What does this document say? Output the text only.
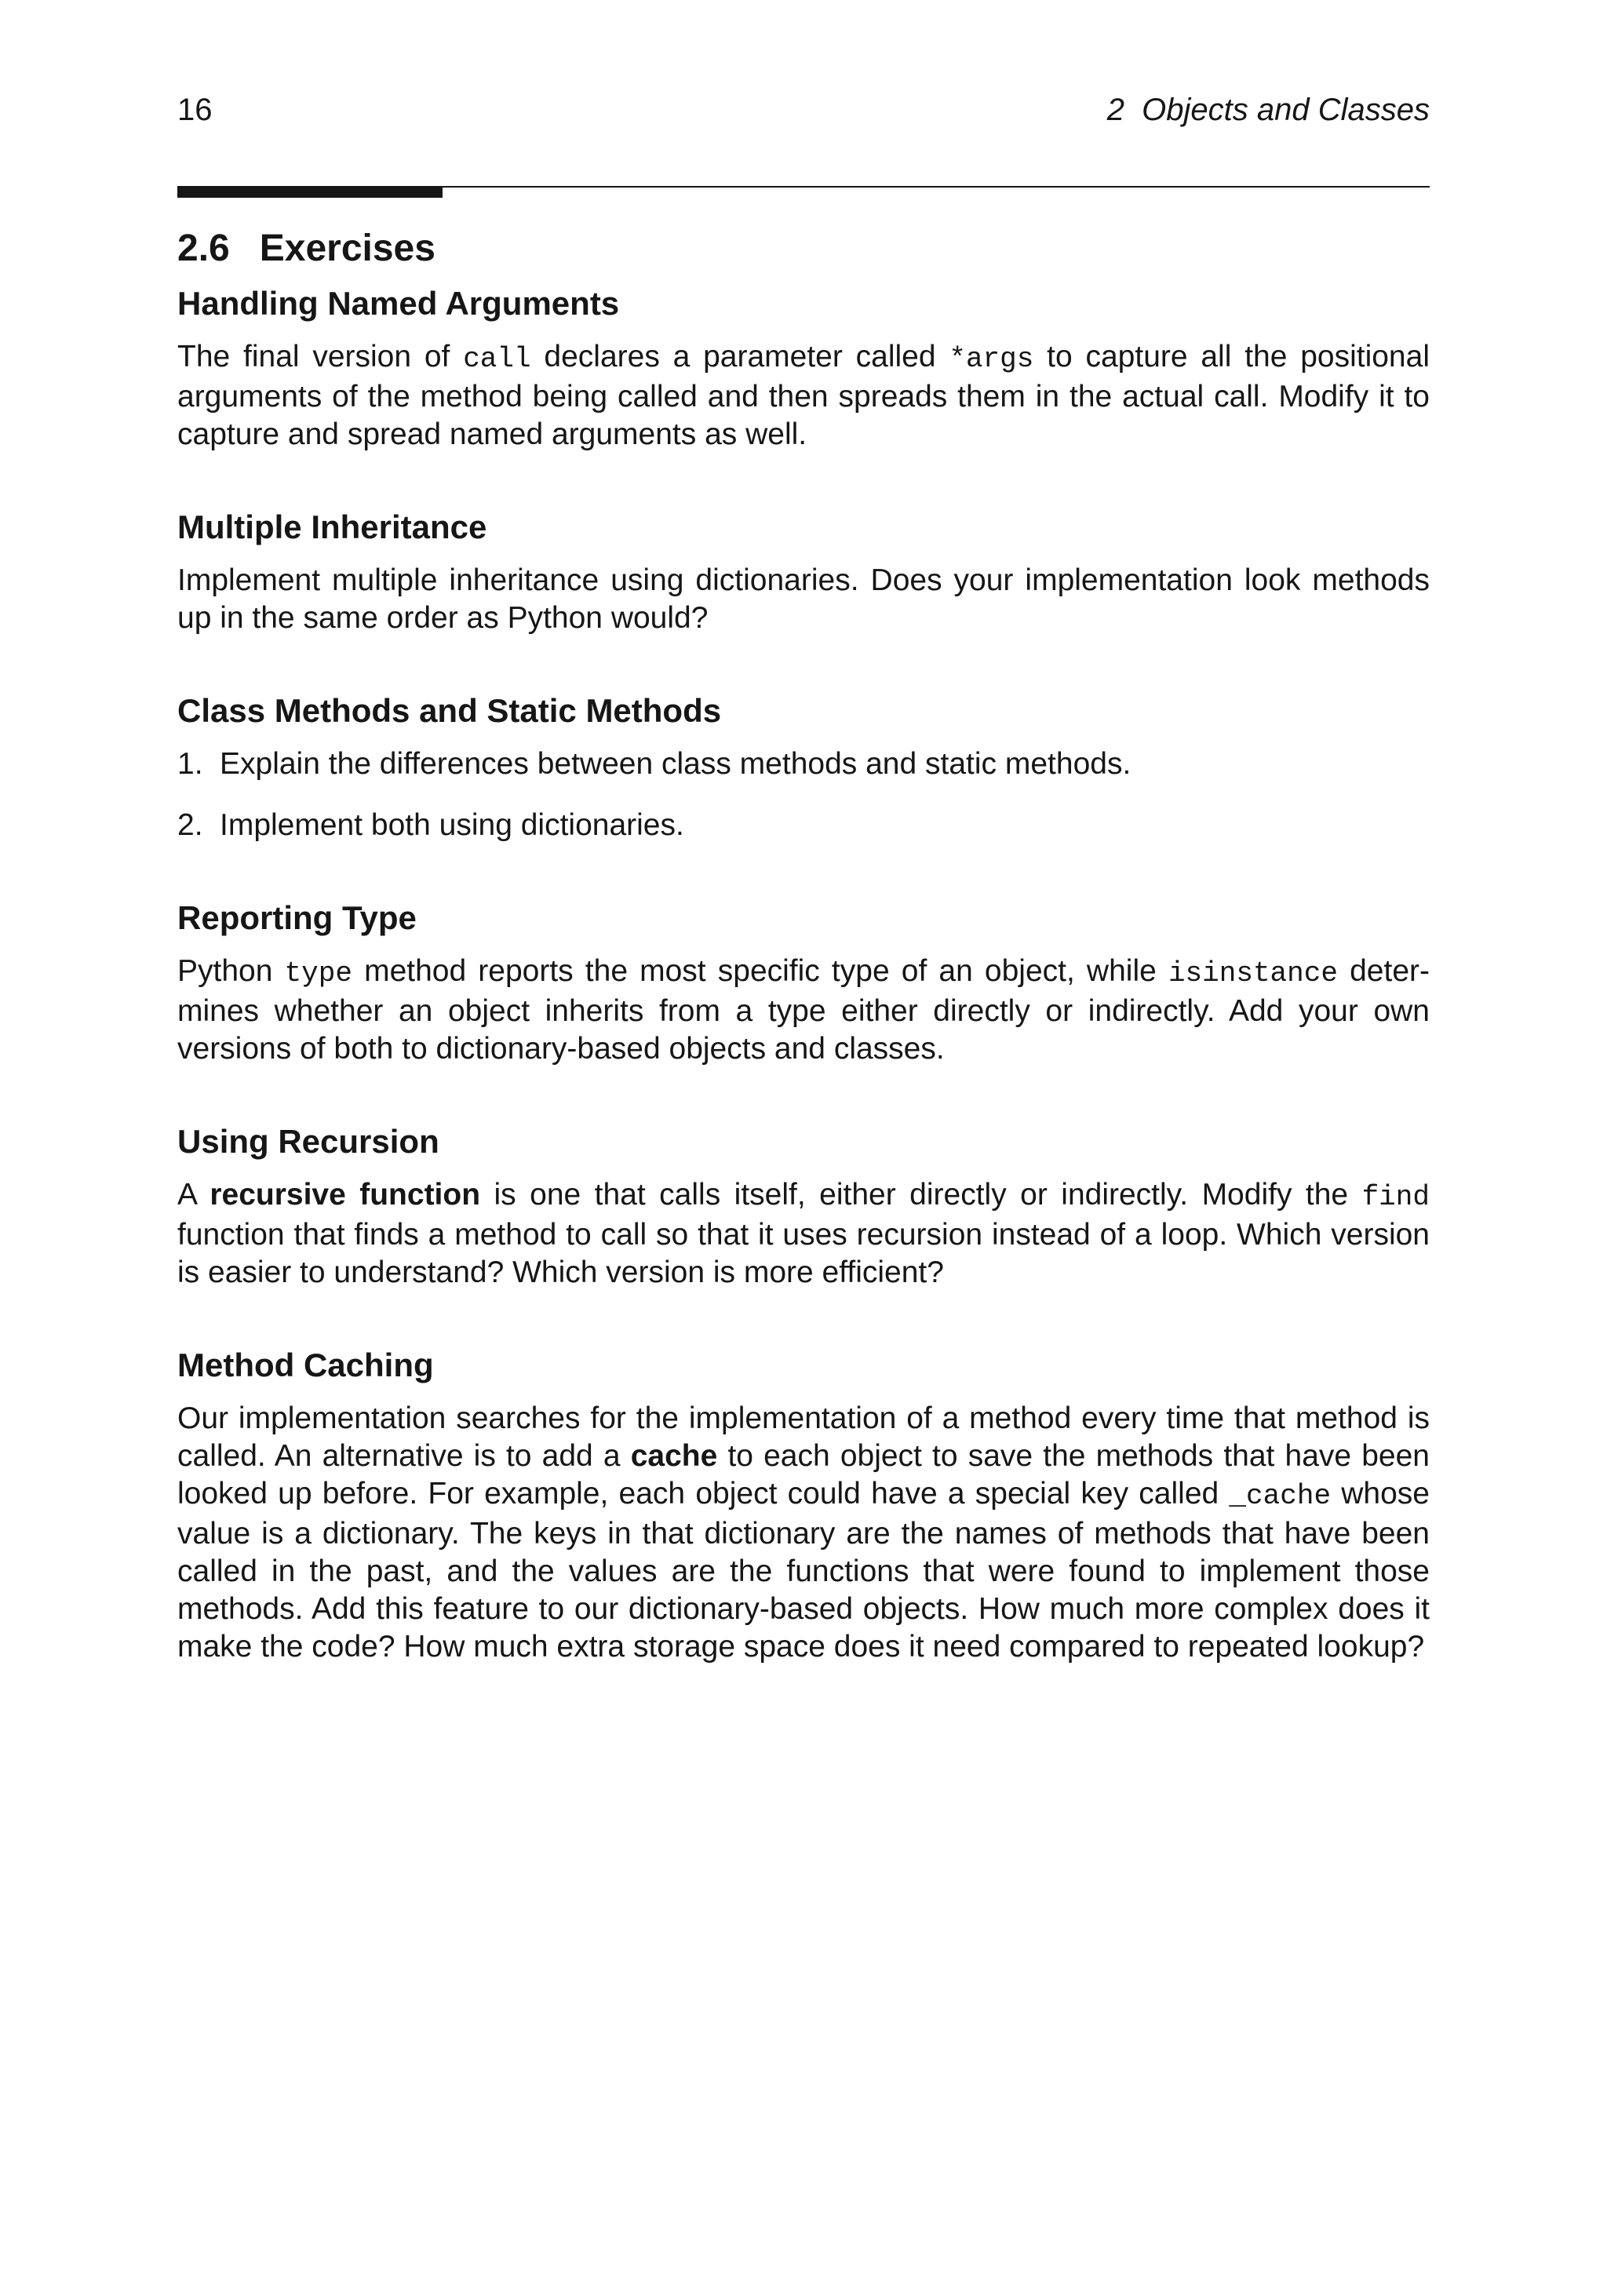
16	2  Objects and Classes
2.6 Exercises
Handling Named Arguments

The final version of call declares a parameter called *args to capture all the positional arguments of the method being called and then spreads them in the actual call. Modify it to capture and spread named arguments as well.

Multiple Inheritance

Implement multiple inheritance using dictionaries. Does your implementation look methods up in the same order as Python would?

Class Methods and Static Methods
1. Explain the differences between class methods and static methods.
2. Implement both using dictionaries.
Reporting Type

Python type method reports the most specific type of an object, while isinstance determines whether an object inherits from a type either directly or indirectly. Add your own versions of both to dictionary-based objects and classes.

Using Recursion

A recursive function is one that calls itself, either directly or indirectly. Modify the find function that finds a method to call so that it uses recursion instead of a loop. Which version is easier to understand? Which version is more efficient?

Method Caching

Our implementation searches for the implementation of a method every time that method is called. An alternative is to add a cache to each object to save the methods that have been looked up before. For example, each object could have a special key called _cache whose value is a dictionary. The keys in that dictionary are the names of methods that have been called in the past, and the values are the functions that were found to implement those methods. Add this feature to our dictionary-based objects. How much more complex does it make the code? How much extra storage space does it need compared to repeated lookup?
